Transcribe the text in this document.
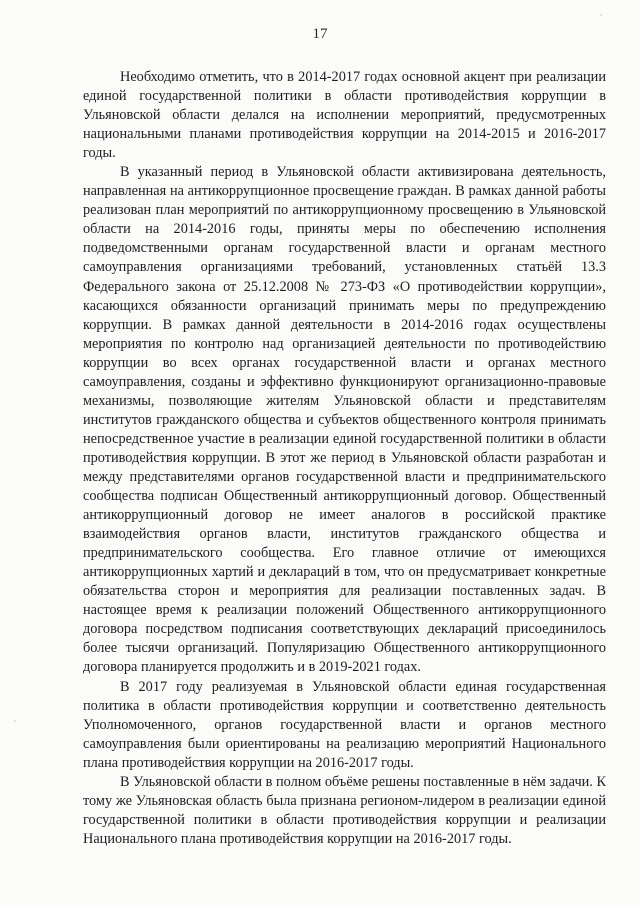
17

Необходимо отметить, что в 2014-2017 годах основной акцент при реализации единой государственной политики в области противодействия коррупции в Ульяновской области делался на исполнении мероприятий, предусмотренных национальными планами противодействия коррупции на 2014-2015 и 2016-2017 годы.

В указанный период в Ульяновской области активизирована деятельность, направленная на антикоррупционное просвещение граждан. В рамках данной работы реализован план мероприятий по антикоррупционному просвещению в Ульяновской области на 2014-2016 годы, приняты меры по обеспечению исполнения подведомственными органам государственной власти и органам местного самоуправления организациями требований, установленных статьёй 13.3 Федерального закона от 25.12.2008 № 273-ФЗ «О противодействии коррупции», касающихся обязанности организаций принимать меры по предупреждению коррупции. В рамках данной деятельности в 2014-2016 годах осуществлены мероприятия по контролю над организацией деятельности по противодействию коррупции во всех органах государственной власти и органах местного самоуправления, созданы и эффективно функционируют организационно-правовые механизмы, позволяющие жителям Ульяновской области и представителям институтов гражданского общества и субъектов общественного контроля принимать непосредственное участие в реализации единой государственной политики в области противодействия коррупции. В этот же период в Ульяновской области разработан и между представителями органов государственной власти и предпринимательского сообщества подписан Общественный антикоррупционный договор. Общественный антикоррупционный договор не имеет аналогов в российской практике взаимодействия органов власти, институтов гражданского общества и предпринимательского сообщества. Его главное отличие от имеющихся антикоррупционных хартий и деклараций в том, что он предусматривает конкретные обязательства сторон и мероприятия для реализации поставленных задач. В настоящее время к реализации положений Общественного антикоррупционного договора посредством подписания соответствующих деклараций присоединилось более тысячи организаций. Популяризацию Общественного антикоррупционного договора планируется продолжить и в 2019-2021 годах.

В 2017 году реализуемая в Ульяновской области единая государственная политика в области противодействия коррупции и соответственно деятельность Уполномоченного, органов государственной власти и органов местного самоуправления были ориентированы на реализацию мероприятий Национального плана противодействия коррупции на 2016-2017 годы.

В Ульяновской области в полном объёме решены поставленные в нём задачи. К тому же Ульяновская область была признана регионом-лидером в реализации единой государственной политики в области противодействия коррупции и реализации Национального плана противодействия коррупции на 2016-2017 годы.
